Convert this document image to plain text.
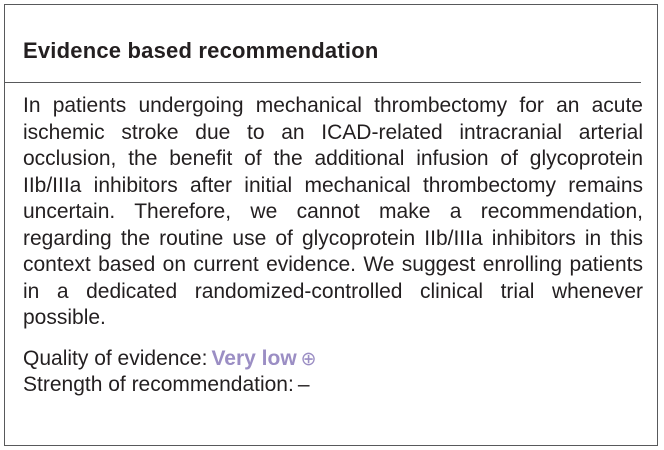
Evidence based recommendation

In patients undergoing mechanical thrombectomy for an acute ischemic stroke due to an ICAD-related intracranial arterial occlusion, the benefit of the additional infusion of glycoprotein IIb/IIIa inhibitors after initial mechanical thrombectomy remains uncertain. Therefore, we cannot make a recommendation, regarding the routine use of glycoprotein IIb/IIIa inhibitors in this context based on current evidence. We suggest enrolling patients in a dedicated randomized-controlled clinical trial whenever possible.

Quality of evidence: Very low ⊕
Strength of recommendation: –
